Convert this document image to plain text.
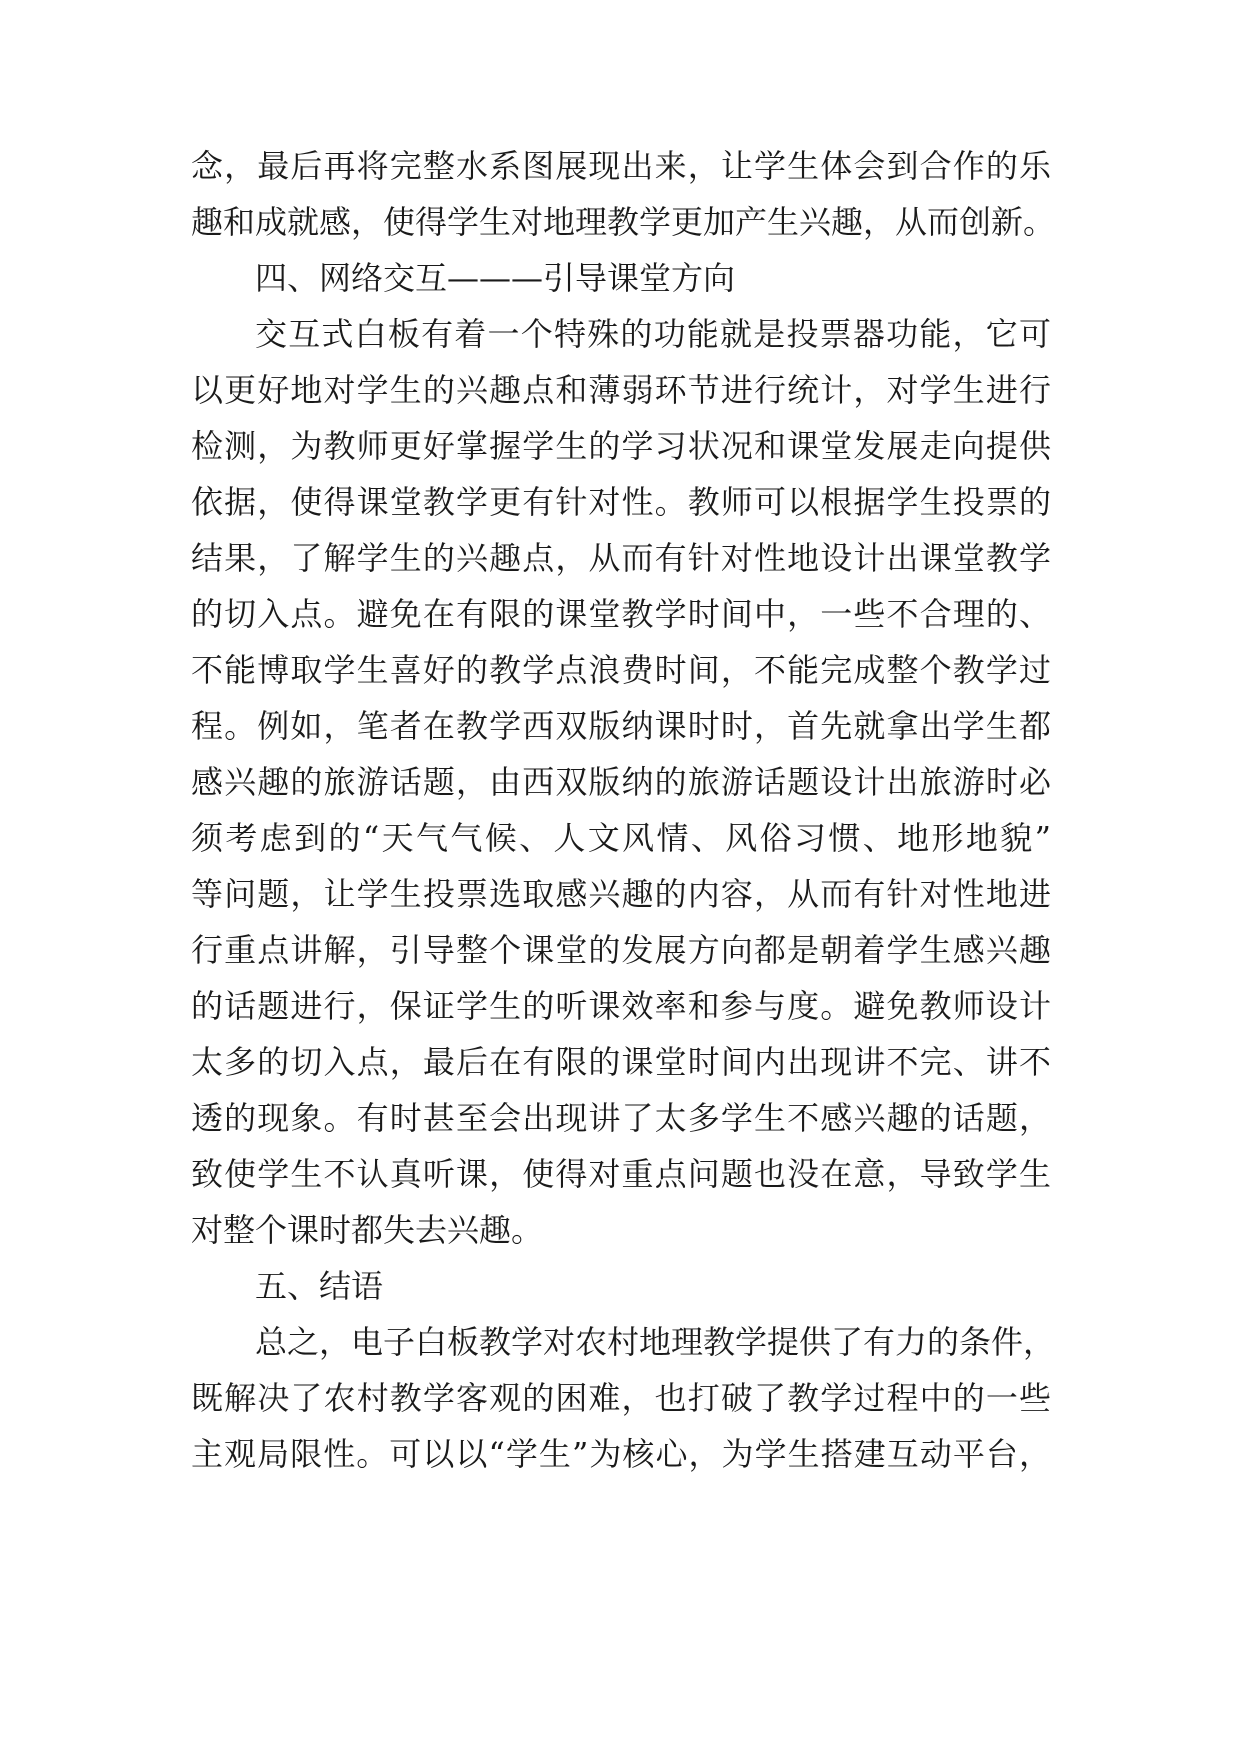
念，最后再将完整水系图展现出来，让学生体会到合作的乐
趣和成就感，使得学生对地理教学更加产生兴趣，从而创新。
四、网络交互———引导课堂方向
交互式白板有着一个特殊的功能就是投票器功能，它可
以更好地对学生的兴趣点和薄弱环节进行统计，对学生进行
检测，为教师更好掌握学生的学习状况和课堂发展走向提供
依据，使得课堂教学更有针对性。教师可以根据学生投票的
结果，了解学生的兴趣点，从而有针对性地设计出课堂教学
的切入点。避免在有限的课堂教学时间中，一些不合理的、
不能博取学生喜好的教学点浪费时间，不能完成整个教学过
程。例如，笔者在教学西双版纳课时时，首先就拿出学生都
感兴趣的旅游话题，由西双版纳的旅游话题设计出旅游时必
须考虑到的“天气气候、人文风情、风俗习惯、地形地貌”
等问题，让学生投票选取感兴趣的内容，从而有针对性地进
行重点讲解，引导整个课堂的发展方向都是朝着学生感兴趣
的话题进行，保证学生的听课效率和参与度。避免教师设计
太多的切入点，最后在有限的课堂时间内出现讲不完、讲不
透的现象。有时甚至会出现讲了太多学生不感兴趣的话题，
致使学生不认真听课，使得对重点问题也没在意，导致学生
对整个课时都失去兴趣。
五、结语
总之，电子白板教学对农村地理教学提供了有力的条件，
既解决了农村教学客观的困难，也打破了教学过程中的一些
主观局限性。可以以“学生”为核心，为学生搭建互动平台，
